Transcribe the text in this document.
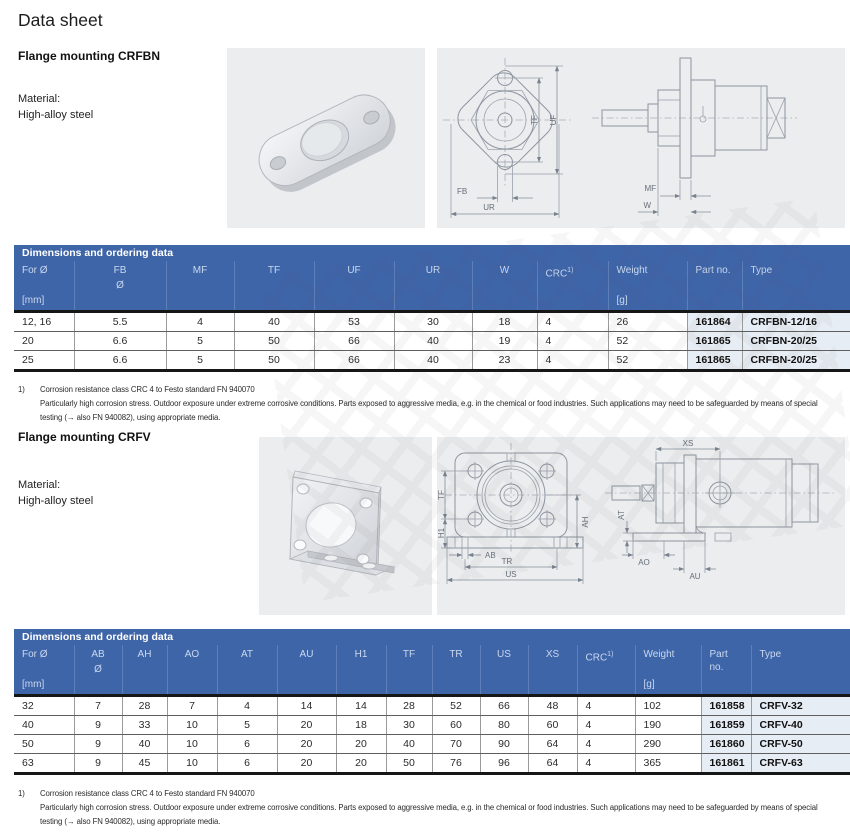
Data sheet
Flange mounting CRFBN
Material:
High-alloy steel	TF UF
FB
UR
MF
W
Dimensions and ordering data
For Ø
[mm]

FB
Ø

MF	TF	UF	UR	W	CRC$^{1)}$	Weight
[g]

Part no.	Type

12, 16	5.5	4	40	53	30	18	4	26	161864	CRFBN-12/16
20	6.6	5	50	66	40	19	4	52	161865	CRFBN-20/25
25	6.6	5	50	66	40	23	4	52	161865	CRFBN-20/25
1)	Corrosion resistance class CRC 4 to Festo standard FN 940070
Particularly high corrosion stress. Outdoor exposure under extreme corrosive conditions. Parts exposed to aggressive media, e.g. in the chemical or food industries. Such applications may need to be safeguarded by means of special
testing (→ also FN 940082), using appropriate media.
Flange mounting CRFV
Material:
High-alloy steel	TF
H1
AH
AB
TR
US
XS
AT
AO
AU
Dimensions and ordering data
For Ø
[mm]

AB
Ø

AH	AO	AT	AU	H1	TF	TR	US	XS	CRC$^{1)}$	Weight
[g]

Part no.

Type

32	7	28	7	4	14	14	28	52	66	48	4	102	161858	CRFV-32
40	9	33	10	5	20	18	30	60	80	60	4	190	161859	CRFV-40
50	9	40	10	6	20	20	40	70	90	64	4	290	161860	CRFV-50
63	9	45	10	6	20	20	50	76	96	64	4	365	161861	CRFV-63
1)	Corrosion resistance class CRC 4 to Festo standard FN 940070
Particularly high corrosion stress. Outdoor exposure under extreme corrosive conditions. Parts exposed to aggressive media, e.g. in the chemical or food industries. Such applications may need to be safeguarded by means of special
testing (→ also FN 940082), using appropriate media.
